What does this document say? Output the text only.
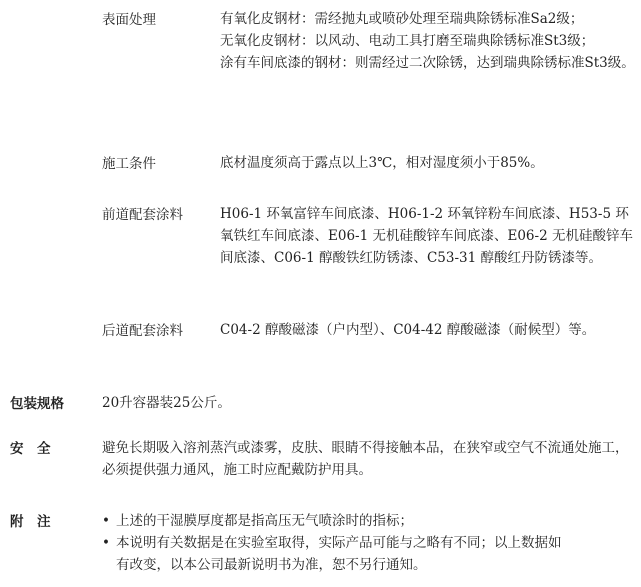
表面处理	有氧化皮钢材：需经抛丸或喷砂处理至瑞典除锈标准Sa2级；
无氧化皮钢材：以风动、电动工具打磨至瑞典除锈标准St3级；
涂有车间底漆的钢材：则需经过二次除锈，达到瑞典除锈标准St3级。
施工条件	底材温度须高于露点以上3℃，相对湿度须小于85%。
前道配套涂料	H06-1 环氧富锌车间底漆、H06-1-2 环氧锌粉车间底漆、H53-5 环氧铁红车间底漆、E06-1 无机硅酸锌车间底漆、E06-2 无机硅酸锌车间底漆、C06-1 醇酸铁红防锈漆、C53-31 醇酸红丹防锈漆等。
后道配套涂料	C04-2 醇酸磁漆（户内型）、C04-42 醇酸磁漆（耐候型）等。
包装规格	20升容器装25公斤。
安　全	避免长期吸入溶剂蒸汽或漆雾，皮肤、眼睛不得接触本品，在狭窄或空气不流通处施工，必须提供强力通风，施工时应配戴防护用具。
附　注	• 上述的干湿膜厚度都是指高压无气喷涂时的指标；
• 本说明有关数据是在实验室取得，实际产品可能与之略有不同；以上数据如有改变，以本公司最新说明书为准，恕不另行通知。
